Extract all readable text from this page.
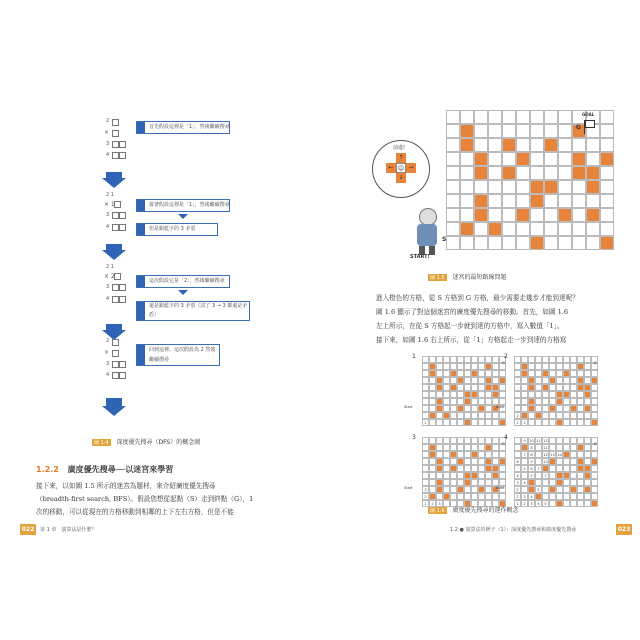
2
×
3
4
首先假設這裡是「1」，然後繼續搜尋
2 1
× 1
3
4
接著假設這裡是「1」，然後繼續搜尋
但是跟藍字的 3 矛盾
2 1
× 2
3
4
這次假設它是「2」，然後繼續搜尋
還是跟藍字的 3 矛盾（試了 3 → 3 都還是矛盾）
2
×
3
4
回到這裡，這次假設為 2 然後繼續搜尋
圖 1.4 深度優先搜尋（DFS）的概念圖
1.2.2 廣度優先搜尋──以迷宮來學習
接下來，以如圖 1.5 所示的迷宮為題材，來介紹廣度優先搜尋
（breadth-first search, BFS）。假設您想從起點（S）走到終點（G），1
次的移動，可以從現在的方格移動到相鄰的上下左右方格，但是不能
022	第 1 章　演算法是什麼？
前進!
↑
← ☺ →
↓
START!
S
G
GOAL
圖 1.5 迷宮的最短路線問題
進入橙色的方格，從 S 方格到 G 方格，最少需要走幾步才能到達呢？
圖 1.6 顯示了對這個迷宮的廣度優先搜尋的移動。首先，如圖 1.6
左上所示，在從 S 方格起一步就到達的方格中，寫入數值「1」。
接下來，如圖 1.6 右上所示，從「1」方格起走一步到達的方格寫
1
1
2
2
1	2
3
3
2
1	2	3
4	9 10 11 12
8	11
7	8	12 13 14
6	9	13
5	6	7
4	5	7
3	4
2	5
2	3	4
1	2	3	4	5
Start	Start
Start	Start
G	G
G	G
圖 1.6 廣度優先搜尋的運作概念
1.2 ● 演算法的例子（1）：深度優先搜尋和廣度優先搜尋	023
